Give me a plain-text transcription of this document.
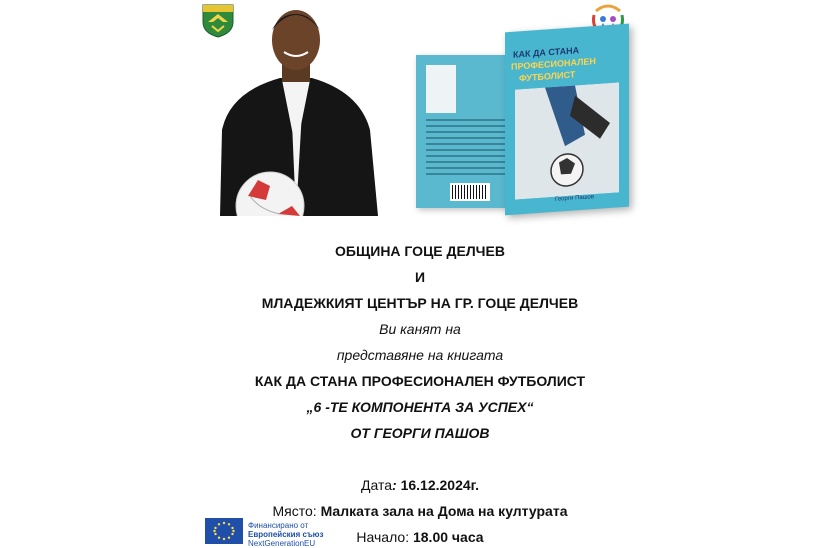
КАК ДА СТАНА
ПРОФЕСИОНАЛЕН
ФУТБОЛИСТ
Георги Пашов
ОБЩИНА ГОЦЕ ДЕЛЧЕВ
И
МЛАДЕЖКИЯТ ЦЕНТЪР НА ГР. ГОЦЕ ДЕЛЧЕВ
Ви канят на
представяне на книгата
КАК ДА СТАНА ПРОФЕСИОНАЛЕН ФУТБОЛИСТ
„6 -ТЕ КОМПОНЕНТА ЗА УСПЕХ“
ОТ ГЕОРГИ ПАШОВ
Дата: 16.12.2024г.
Място: Малката зала на Дома на културата
Начало: 18.00 часа
Финансирано от
Европейския съюз
NextGenerationEU
